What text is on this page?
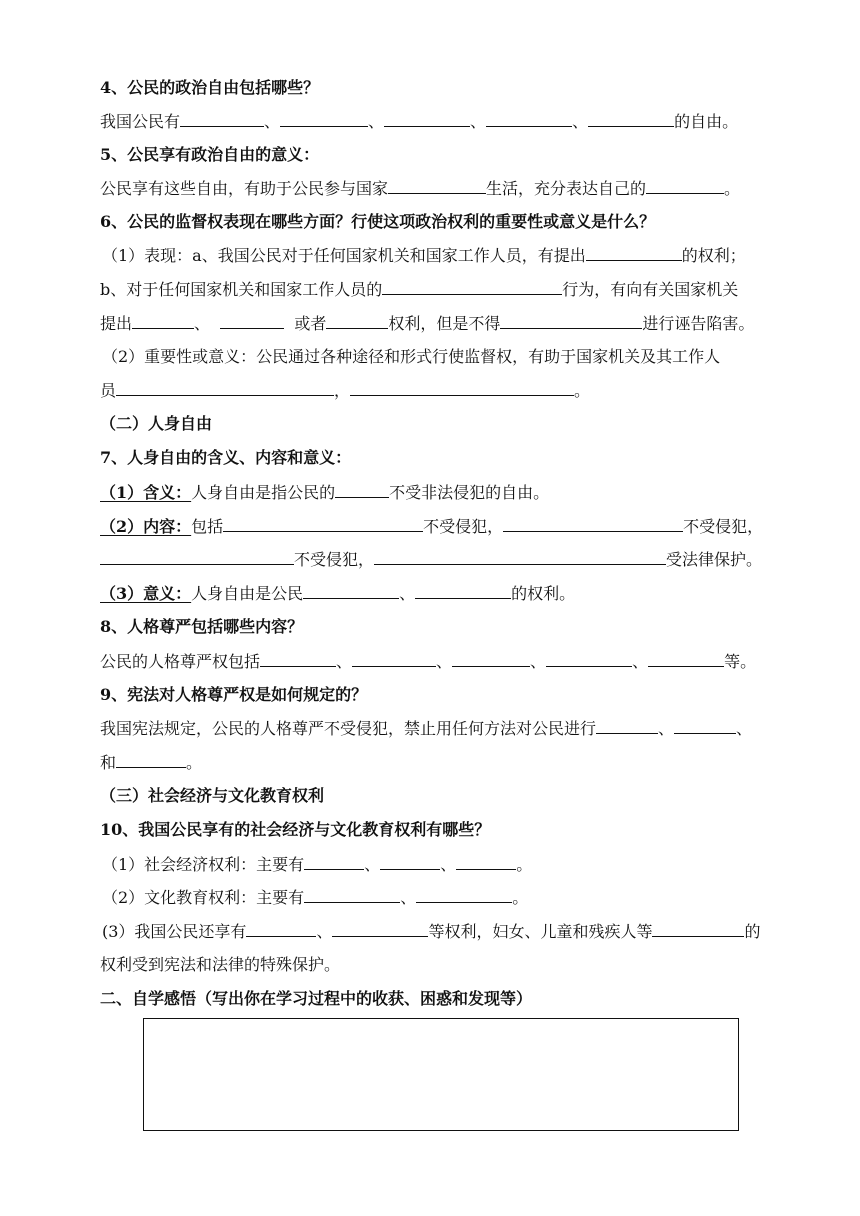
4、公民的政治自由包括哪些？
我国公民有	、	、	、	、	的自由。
5、公民享有政治自由的意义：
公民享有这些自由，有助于公民参与国家	生活，充分表达自己的	。
6、公民的监督权表现在哪些方面？行使这项政治权利的重要性或意义是什么？
（1）表现：a、我国公民对于任何国家机关和国家工作人员，有提出	的权利；
b、对于任何国家机关和国家工作人员的	行为，有向有关国家机关
提出	、	或者	权利，但是不得	进行诬告陷害。
（2）重要性或意义：公民通过各种途径和形式行使监督权，有助于国家机关及其工作人
员	，	。
（二）人身自由
7、人身自由的含义、内容和意义：
（1）含义：人身自由是指公民的	不受非法侵犯的自由。
（2）内容：包括	不受侵犯，	不受侵犯，
不受侵犯，	受法律保护。
（3）意义：人身自由是公民	、	的权利。
8、人格尊严包括哪些内容？
公民的人格尊严权包括	、	、	、	、	等。
9、宪法对人格尊严权是如何规定的？
我国宪法规定，公民的人格尊严不受侵犯，禁止用任何方法对公民进行	、	、
和	。
（三）社会经济与文化教育权利
10、我国公民享有的社会经济与文化教育权利有哪些？
（1）社会经济权利：主要有	、	、	。
（2）文化教育权利：主要有	、	。
(3）我国公民还享有	、	等权利，妇女、儿童和残疾人等	的
权利受到宪法和法律的特殊保护。
二、自学感悟（写出你在学习过程中的收获、困惑和发现等）
